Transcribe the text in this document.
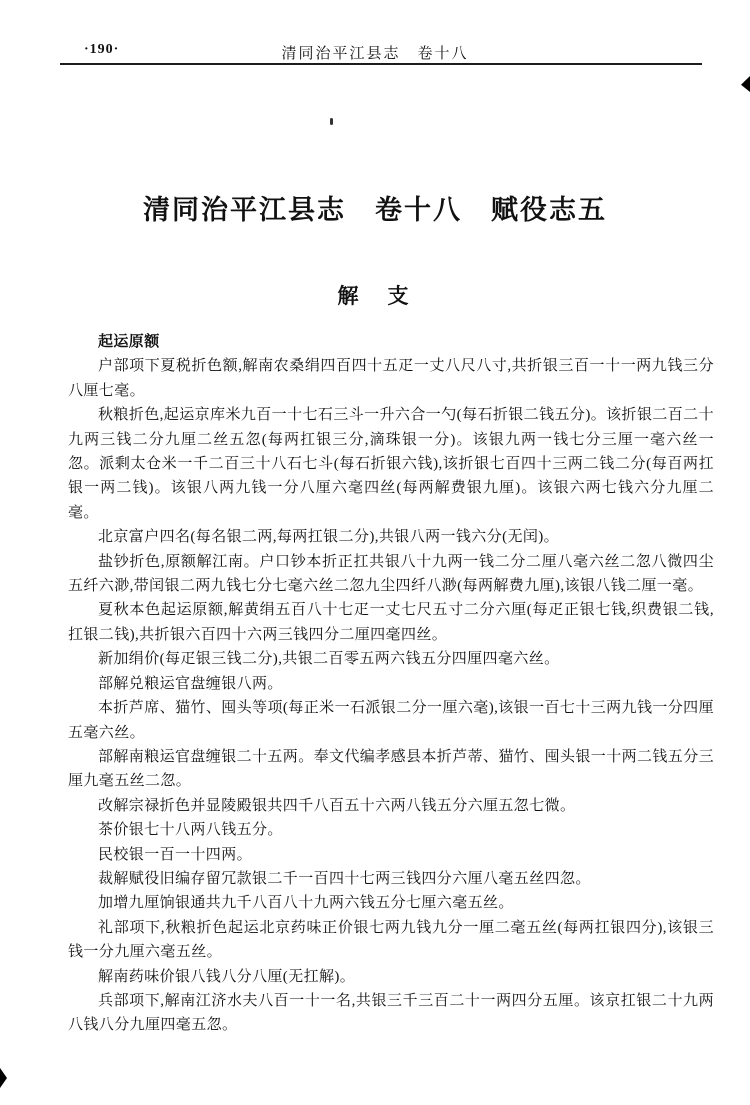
·190·	清同治平江县志　卷十八
清同治平江县志　卷十八　赋役志五
解　支

起运原额

户部项下夏税折色额,解南农桑绢四百四十五疋一丈八尺八寸,共折银三百一十一两九钱三分八厘七毫。

秋粮折色,起运京库米九百一十七石三斗一升六合一勺(每石折银二钱五分)。该折银二百二十九两三钱二分九厘二丝五忽(每两扛银三分,滴珠银一分)。该银九两一钱七分三厘一毫六丝一忽。派剩太仓米一千二百三十八石七斗(每石折银六钱),该折银七百四十三两二钱二分(每百两扛银一两二钱)。该银八两九钱一分八厘六毫四丝(每两解费银九厘)。该银六两七钱六分九厘二毫。

北京富户四名(每名银二两,每两扛银二分),共银八两一钱六分(无闰)。

盐钞折色,原额解江南。户口钞本折正扛共银八十九两一钱二分二厘八毫六丝二忽八微四尘五纤六渺,带闰银二两九钱七分七毫六丝二忽九尘四纤八渺(每两解费九厘),该银八钱二厘一毫。

夏秋本色起运原额,解黄绢五百八十七疋一丈七尺五寸二分六厘(每疋正银七钱,织费银二钱,扛银二钱),共折银六百四十六两三钱四分二厘四毫四丝。

新加绢价(每疋银三钱二分),共银二百零五两六钱五分四厘四毫六丝。

部解兑粮运官盘缠银八两。

本折芦席、猫竹、囤头等项(每正米一石派银二分一厘六毫),该银一百七十三两九钱一分四厘五毫六丝。

部解南粮运官盘缠银二十五两。奉文代编孝感县本折芦蒂、猫竹、囤头银一十两二钱五分三厘九毫五丝二忽。

改解宗禄折色并显陵殿银共四千八百五十六两八钱五分六厘五忽七微。

茶价银七十八两八钱五分。

民校银一百一十四两。

裁解赋役旧编存留冗款银二千一百四十七两三钱四分六厘八毫五丝四忽。

加增九厘饷银通共九千八百八十九两六钱五分七厘六毫五丝。

礼部项下,秋粮折色起运北京药味正价银七两九钱九分一厘二毫五丝(每两扛银四分),该银三钱一分九厘六毫五丝。

解南药味价银八钱八分八厘(无扛解)。

兵部项下,解南江济水夫八百一十一名,共银三千三百二十一两四分五厘。该京扛银二十九两八钱八分九厘四毫五忽。
